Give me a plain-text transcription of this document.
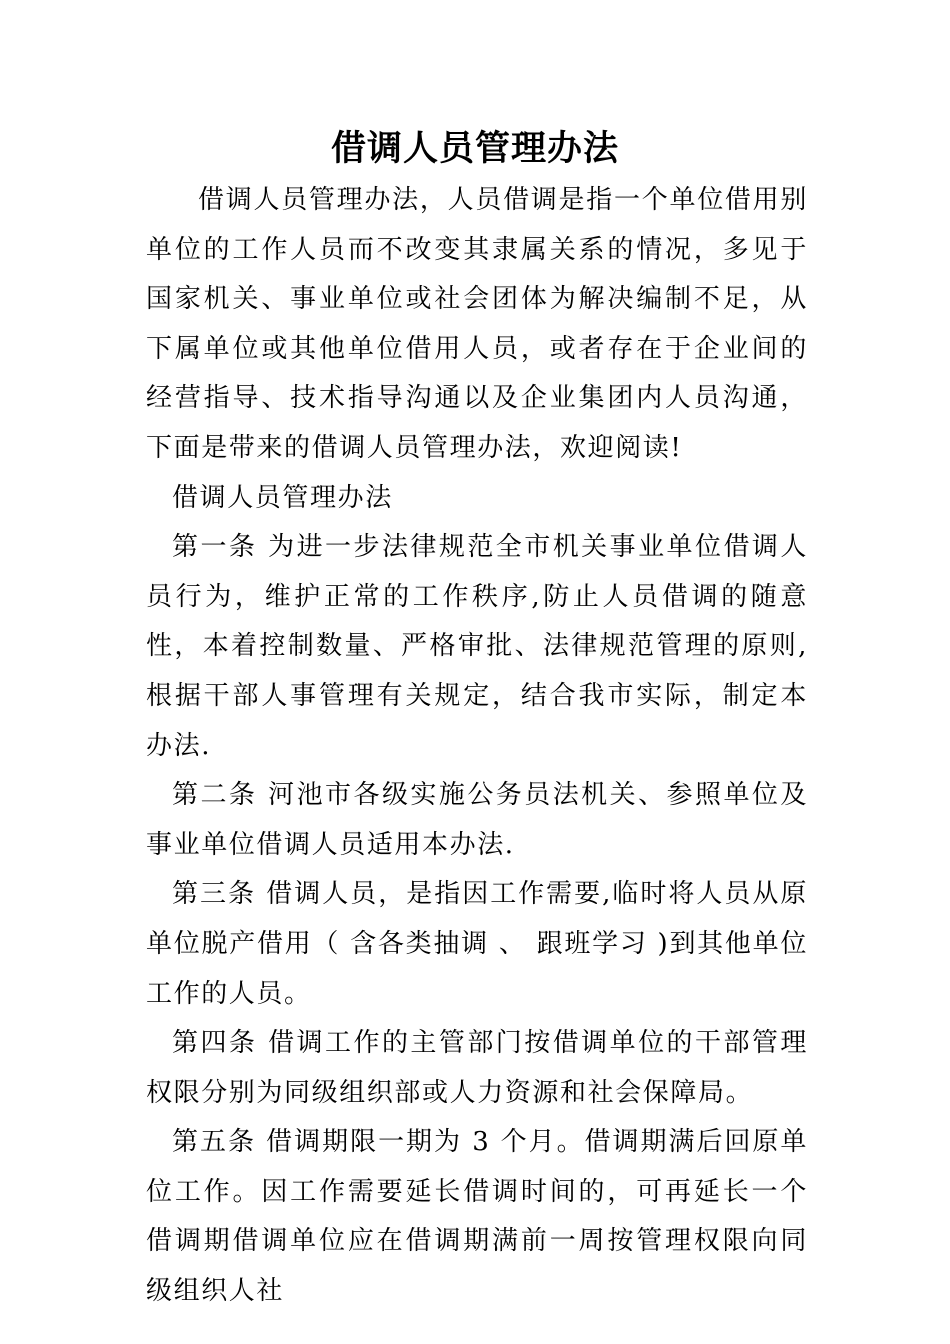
借调人员管理办法

借调人员管理办法，人员借调是指一个单位借用别单位的工作人员而不改变其隶属关系的情况，多见于国家机关、事业单位或社会团体为解决编制不足，从下属单位或其他单位借用人员，或者存在于企业间的经营指导、技术指导沟通以及企业集团内人员沟通，下面是带来的借调人员管理办法，欢迎阅读!

借调人员管理办法

第一条 为进一步法律规范全市机关事业单位借调人员行为，维护正常的工作秩序,防止人员借调的随意性，本着控制数量、严格审批、法律规范管理的原则,根据干部人事管理有关规定，结合我市实际，制定本办法.

第二条 河池市各级实施公务员法机关、参照单位及事业单位借调人员适用本办法.

第三条 借调人员，是指因工作需要,临时将人员从原单位脱产借用（ 含各类抽调 、 跟班学习 )到其他单位工作的人员。

第四条 借调工作的主管部门按借调单位的干部管理权限分别为同级组织部或人力资源和社会保障局。

第五条 借调期限一期为 3 个月。借调期满后回原单位工作。因工作需要延长借调时间的，可再延长一个借调期借调单位应在借调期满前一周按管理权限向同级组织人社
